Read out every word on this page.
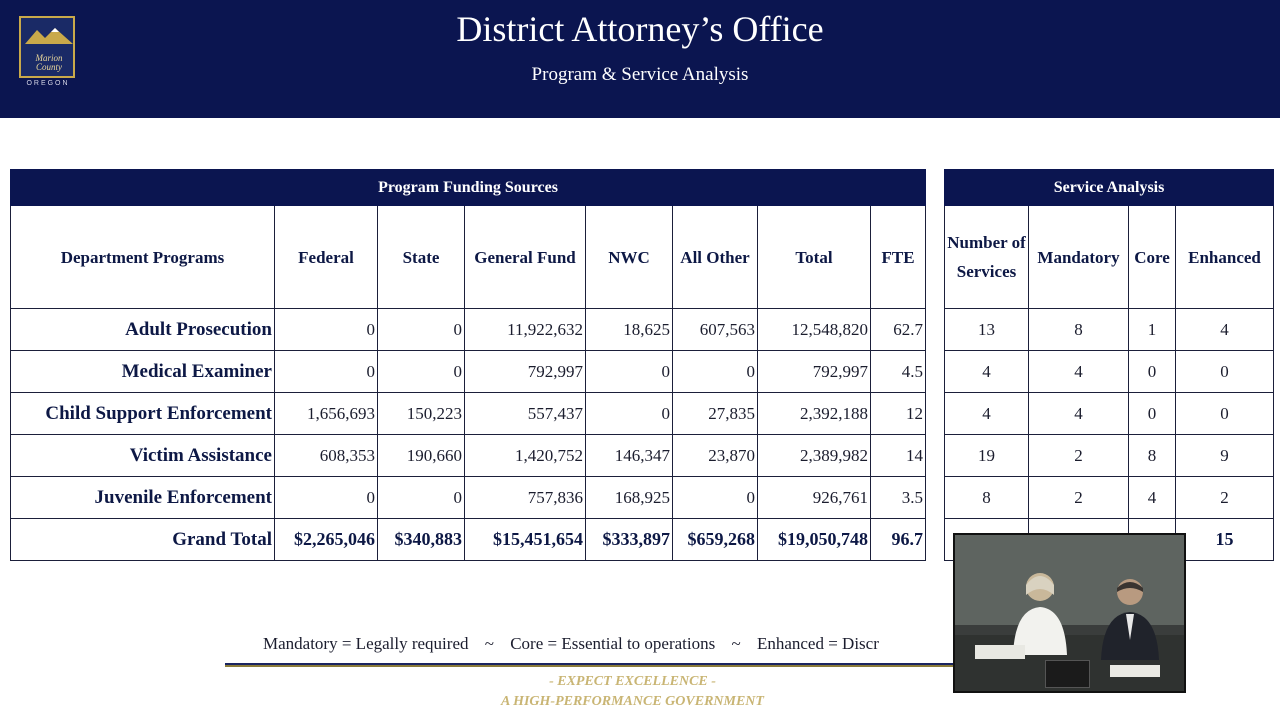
Marion
County
OREGON
District Attorney’s Office
Program & Service Analysis
Program Funding Sources							
Department Programs	Federal	State	General Fund	NWC	All Other	Total	FTE
Adult Prosecution	0	0	11,922,632	18,625	607,563	12,548,820	62.7
Medical Examiner	0	0	792,997	0	0	792,997	4.5
Child Support Enforcement	1,656,693	150,223	557,437	0	27,835	2,392,188	12
Victim Assistance	608,353	190,660	1,420,752	146,347	23,870	2,389,982	14
Juvenile Enforcement	0	0	757,836	168,925	0	926,761	3.5
Grand Total	$2,265,046	$340,883	$15,451,654	$333,897	$659,268	$19,050,748	96.7
Service Analysis			
Number of Services	Mandatory	Core	Enhanced
13	8	1	4
4	4	0	0
4	4	0	0
19	2	8	9
8	2	4	2
			15
Mandatory = Legally required ~ Core = Essential to operations ~ Enhanced = Discr
- EXPECT EXCELLENCE -
A HIGH-PERFORMANCE GOVERNMENT
